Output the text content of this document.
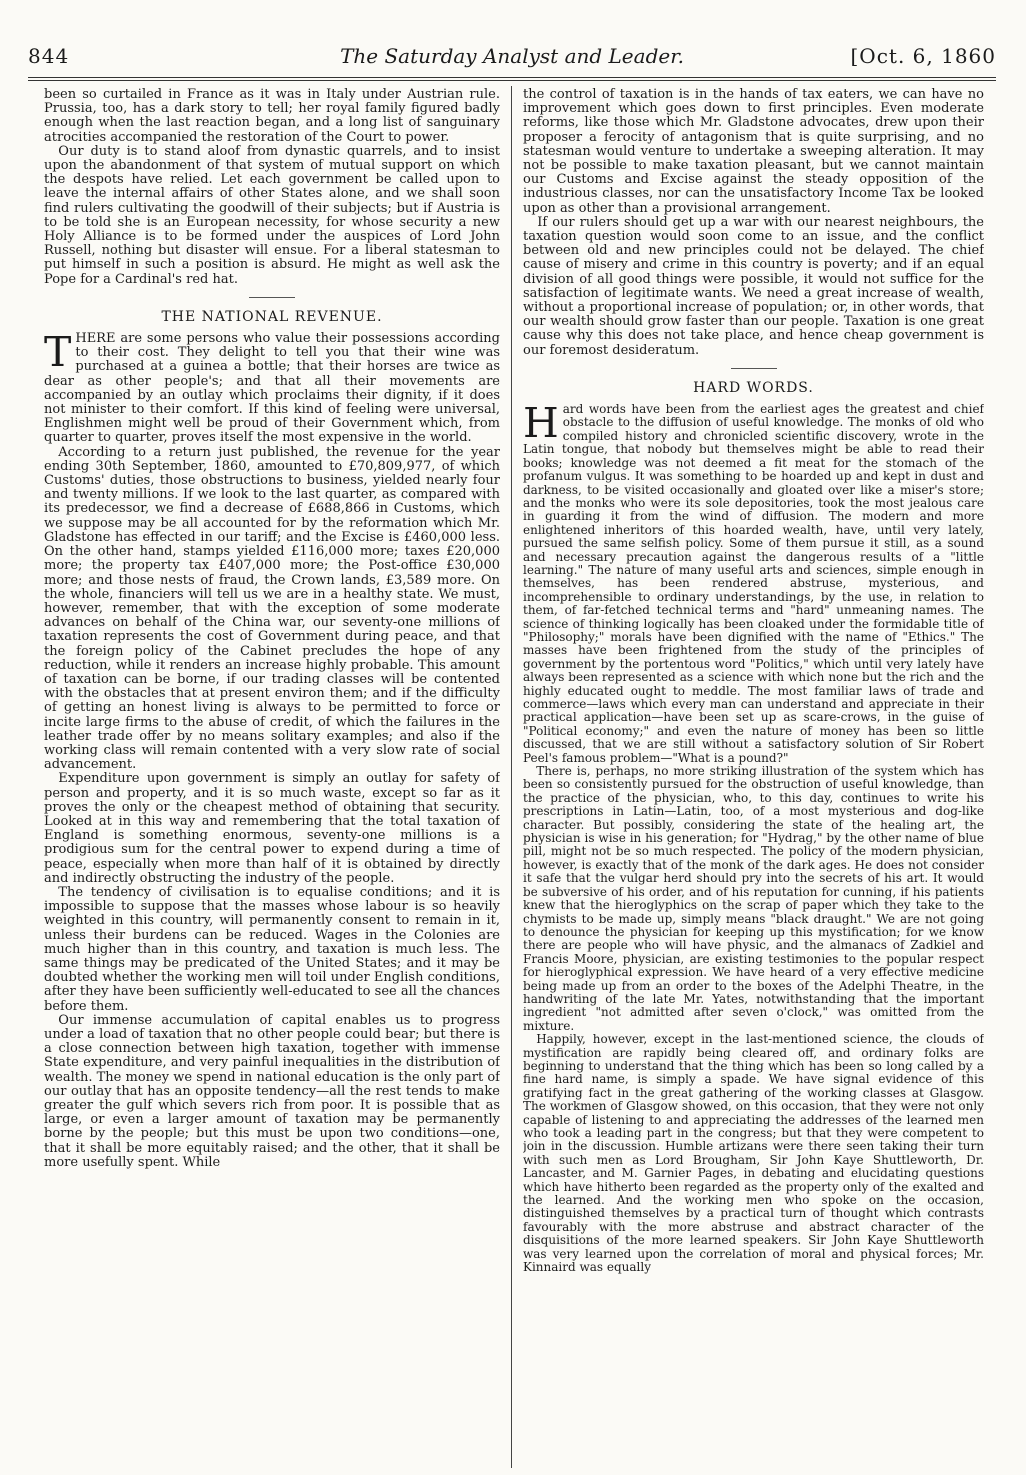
844	The Saturday Analyst and Leader.	[Oct. 6, 1860

been so curtailed in France as it was in Italy under Austrian rule. Prussia, too, has a dark story to tell; her royal family figured badly enough when the last reaction began, and a long list of sanguinary atrocities accompanied the restoration of the Court to power.

Our duty is to stand aloof from dynastic quarrels, and to insist upon the abandonment of that system of mutual support on which the despots have relied. Let each government be called upon to leave the internal affairs of other States alone, and we shall soon find rulers cultivating the goodwill of their subjects; but if Austria is to be told she is an European necessity, for whose security a new Holy Alliance is to be formed under the auspices of Lord John Russell, nothing but disaster will ensue. For a liberal statesman to put himself in such a position is absurd. He might as well ask the Pope for a Cardinal's red hat.

THE NATIONAL REVENUE.

THERE are some persons who value their possessions according to their cost. They delight to tell you that their wine was purchased at a guinea a bottle; that their horses are twice as dear as other people's; and that all their movements are accompanied by an outlay which proclaims their dignity, if it does not minister to their comfort. If this kind of feeling were universal, Englishmen might well be proud of their Government which, from quarter to quarter, proves itself the most expensive in the world.

According to a return just published, the revenue for the year ending 30th September, 1860, amounted to £70,809,977, of which Customs' duties, those obstructions to business, yielded nearly four and twenty millions. If we look to the last quarter, as compared with its predecessor, we find a decrease of £688,866 in Customs, which we suppose may be all accounted for by the reformation which Mr. Gladstone has effected in our tariff; and the Excise is £460,000 less. On the other hand, stamps yielded £116,000 more; taxes £20,000 more; the property tax £407,000 more; the Post-office £30,000 more; and those nests of fraud, the Crown lands, £3,589 more. On the whole, financiers will tell us we are in a healthy state. We must, however, remember, that with the exception of some moderate advances on behalf of the China war, our seventy-one millions of taxation represents the cost of Government during peace, and that the foreign policy of the Cabinet precludes the hope of any reduction, while it renders an increase highly probable. This amount of taxation can be borne, if our trading classes will be contented with the obstacles that at present environ them; and if the difficulty of getting an honest living is always to be permitted to force or incite large firms to the abuse of credit, of which the failures in the leather trade offer by no means solitary examples; and also if the working class will remain contented with a very slow rate of social advancement.

Expenditure upon government is simply an outlay for safety of person and property, and it is so much waste, except so far as it proves the only or the cheapest method of obtaining that security. Looked at in this way and remembering that the total taxation of England is something enormous, seventy-one millions is a prodigious sum for the central power to expend during a time of peace, especially when more than half of it is obtained by directly and indirectly obstructing the industry of the people.

The tendency of civilisation is to equalise conditions; and it is impossible to suppose that the masses whose labour is so heavily weighted in this country, will permanently consent to remain in it, unless their burdens can be reduced. Wages in the Colonies are much higher than in this country, and taxation is much less. The same things may be predicated of the United States; and it may be doubted whether the working men will toil under English conditions, after they have been sufficiently well-educated to see all the chances before them.

Our immense accumulation of capital enables us to progress under a load of taxation that no other people could bear; but there is a close connection between high taxation, together with immense State expenditure, and very painful inequalities in the distribution of wealth. The money we spend in national education is the only part of our outlay that has an opposite tendency—all the rest tends to make greater the gulf which severs rich from poor. It is possible that as large, or even a larger amount of taxation may be permanently borne by the people; but this must be upon two conditions—one, that it shall be more equitably raised; and the other, that it shall be more usefully spent. While

the control of taxation is in the hands of tax eaters, we can have no improvement which goes down to first principles. Even moderate reforms, like those which Mr. Gladstone advocates, drew upon their proposer a ferocity of antagonism that is quite surprising, and no statesman would venture to undertake a sweeping alteration. It may not be possible to make taxation pleasant, but we cannot maintain our Customs and Excise against the steady opposition of the industrious classes, nor can the unsatisfactory Income Tax be looked upon as other than a provisional arrangement.

If our rulers should get up a war with our nearest neighbours, the taxation question would soon come to an issue, and the conflict between old and new principles could not be delayed. The chief cause of misery and crime in this country is poverty; and if an equal division of all good things were possible, it would not suffice for the satisfaction of legitimate wants. We need a great increase of wealth, without a proportional increase of population; or, in other words, that our wealth should grow faster than our people. Taxation is one great cause why this does not take place, and hence cheap government is our foremost desideratum.

HARD WORDS.

Hard words have been from the earliest ages the greatest and chief obstacle to the diffusion of useful knowledge. The monks of old who compiled history and chronicled scientific discovery, wrote in the Latin tongue, that nobody but themselves might be able to read their books; knowledge was not deemed a fit meat for the stomach of the profanum vulgus. It was something to be hoarded up and kept in dust and darkness, to be visited occasionally and gloated over like a miser's store; and the monks who were its sole depositories, took the most jealous care in guarding it from the wind of diffusion. The modern and more enlightened inheritors of this hoarded wealth, have, until very lately, pursued the same selfish policy. Some of them pursue it still, as a sound and necessary precaution against the dangerous results of a "little learning." The nature of many useful arts and sciences, simple enough in themselves, has been rendered abstruse, mysterious, and incomprehensible to ordinary understandings, by the use, in relation to them, of far-fetched technical terms and "hard" unmeaning names. The science of thinking logically has been cloaked under the formidable title of "Philosophy;" morals have been dignified with the name of "Ethics." The masses have been frightened from the study of the principles of government by the portentous word "Politics," which until very lately have always been represented as a science with which none but the rich and the highly educated ought to meddle. The most familiar laws of trade and commerce—laws which every man can understand and appreciate in their practical application—have been set up as scare-crows, in the guise of "Political economy;" and even the nature of money has been so little discussed, that we are still without a satisfactory solution of Sir Robert Peel's famous problem—"What is a pound?"

There is, perhaps, no more striking illustration of the system which has been so consistently pursued for the obstruction of useful knowledge, than the practice of the physician, who, to this day, continues to write his prescriptions in Latin—Latin, too, of a most mysterious and dog-like character. But possibly, considering the state of the healing art, the physician is wise in his generation; for "Hydrag," by the other name of blue pill, might not be so much respected. The policy of the modern physician, however, is exactly that of the monk of the dark ages. He does not consider it safe that the vulgar herd should pry into the secrets of his art. It would be subversive of his order, and of his reputation for cunning, if his patients knew that the hieroglyphics on the scrap of paper which they take to the chymists to be made up, simply means "black draught." We are not going to denounce the physician for keeping up this mystification; for we know there are people who will have physic, and the almanacs of Zadkiel and Francis Moore, physician, are existing testimonies to the popular respect for hieroglyphical expression. We have heard of a very effective medicine being made up from an order to the boxes of the Adelphi Theatre, in the handwriting of the late Mr. Yates, notwithstanding that the important ingredient "not admitted after seven o'clock," was omitted from the mixture.

Happily, however, except in the last-mentioned science, the clouds of mystification are rapidly being cleared off, and ordinary folks are beginning to understand that the thing which has been so long called by a fine hard name, is simply a spade. We have signal evidence of this gratifying fact in the great gathering of the working classes at Glasgow. The workmen of Glasgow showed, on this occasion, that they were not only capable of listening to and appreciating the addresses of the learned men who took a leading part in the congress; but that they were competent to join in the discussion. Humble artizans were there seen taking their turn with such men as Lord Brougham, Sir John Kaye Shuttleworth, Dr. Lancaster, and M. Garnier Pages, in debating and elucidating questions which have hitherto been regarded as the property only of the exalted and the learned. And the working men who spoke on the occasion, distinguished themselves by a practical turn of thought which contrasts favourably with the more abstruse and abstract character of the disquisitions of the more learned speakers. Sir John Kaye Shuttleworth was very learned upon the correlation of moral and physical forces; Mr. Kinnaird was equally
